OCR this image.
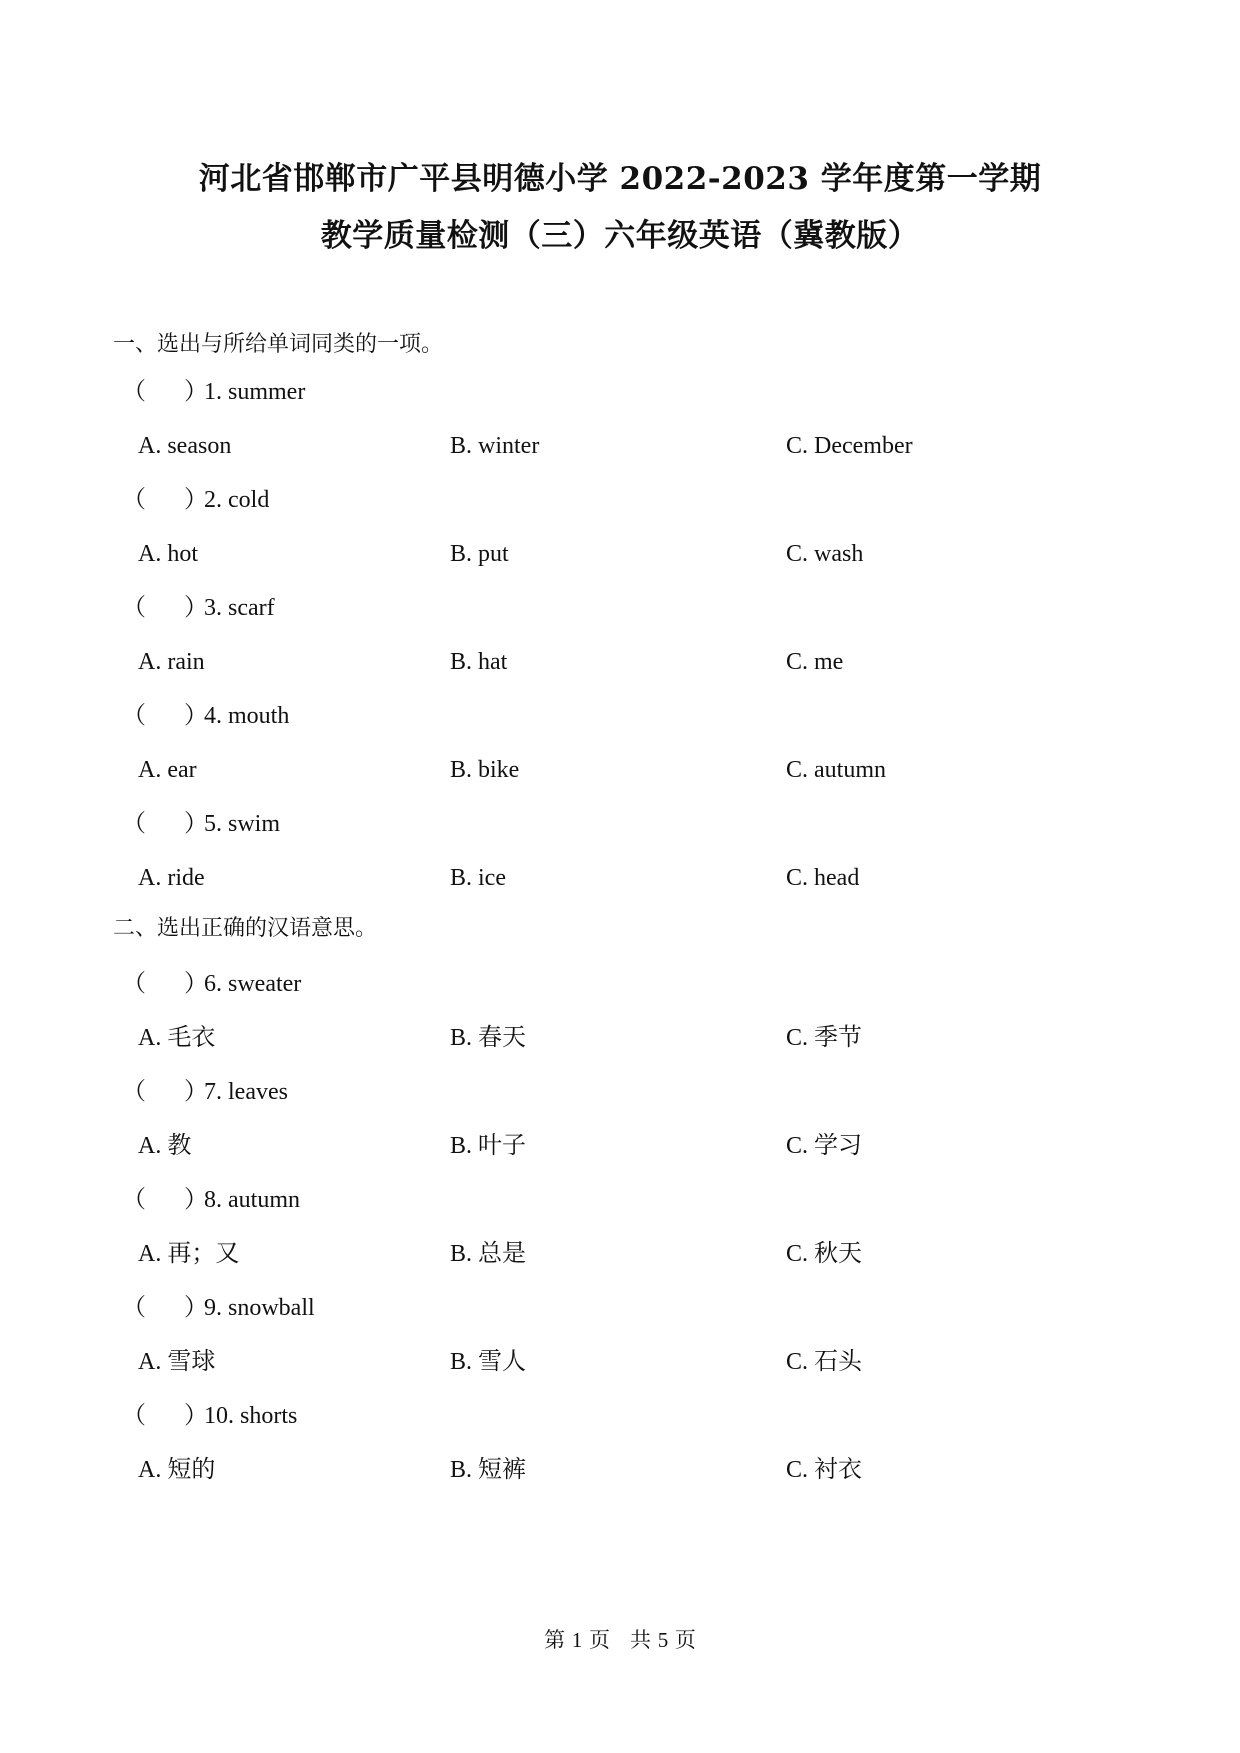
河北省邯郸市广平县明德小学 2022-2023 学年度第一学期
教学质量检测（三）六年级英语（冀教版）
一、选出与所给单词同类的一项。
（ ）1. summer
A. season	B. winter	C. December
（ ）2. cold
A. hot	B. put	C. wash
（ ）3. scarf
A. rain	B. hat	C. me
（ ）4. mouth
A. ear	B. bike	C. autumn
（ ）5. swim
A. ride	B. ice	C. head
二、选出正确的汉语意思。
（ ）6. sweater
A. 毛衣	B. 春天	C. 季节
（ ）7. leaves
A. 教	B. 叶子	C. 学习
（ ）8. autumn
A. 再；又	B. 总是	C. 秋天
（ ）9. snowball
A. 雪球	B. 雪人	C. 石头
（ ）10. shorts
A. 短的	B. 短裤	C. 衬衣
第 1 页 共 5 页
